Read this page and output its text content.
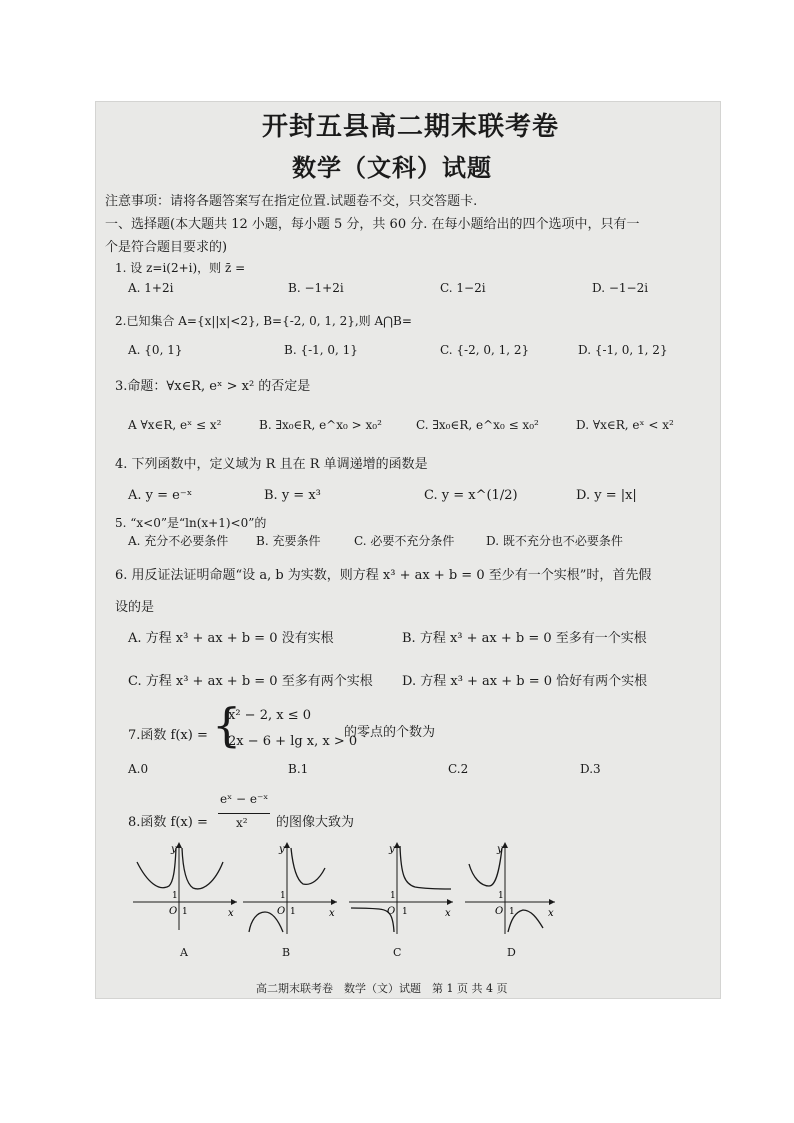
开封五县高二期末联考卷
数学（文科）试题
注意事项：请将各题答案写在指定位置.试题卷不交，只交答题卡.
一、选择题(本大题共 12 小题，每小题 5 分，共 60 分. 在每小题给出的四个选项中，只有一
个是符合题目要求的)
1. 设 z=i(2+i)，则 z̄ =
A. 1+2i	B. −1+2i	C. 1−2i	D. −1−2i
2.已知集合 A={x||x|<2}, B={-2, 0, 1, 2},则 A⋂B=
A. {0, 1}	B. {-1, 0, 1}	C. {-2, 0, 1, 2}	D. {-1, 0, 1, 2}
3.命题：∀x∈R, eˣ > x² 的否定是
A ∀x∈R, eˣ ≤ x²	B. ∃x₀∈R, e^x₀ > x₀²	C. ∃x₀∈R, e^x₀ ≤ x₀²	D. ∀x∈R, eˣ < x²
4. 下列函数中，定义域为 R 且在 R 单调递增的函数是
A. y = e⁻ˣ	B. y = x³	C. y = x^(1/2)	D. y = |x|
5. “x<0”是“ln(x+1)<0”的
A. 充分不必要条件 B. 充要条件	C. 必要不充分条件	D. 既不充分也不必要条件
6. 用反证法证明命题“设 a, b 为实数，则方程 x³ + ax + b = 0 至少有一个实根”时，首先假
设的是
A. 方程 x³ + ax + b = 0 没有实根	B. 方程 x³ + ax + b = 0 至多有一个实根
C. 方程 x³ + ax + b = 0 至多有两个实根 D. 方程 x³ + ax + b = 0 恰好有两个实根
7.函数 f(x) = {
x² − 2, x ≤ 0
2x − 6 + lg x, x > 0
的零点的个数为
A.0	B.1	C.2	D.3
8.函数 f(x) =
eˣ − e⁻ˣ
x² 的图像大致为
y
x
O 1
1
y
x
O 1
1
y
x
O 1
1
y
x
O 1
1
A	B	C	D
高二期末联考卷　数学（文）试题　第 1 页 共 4 页
